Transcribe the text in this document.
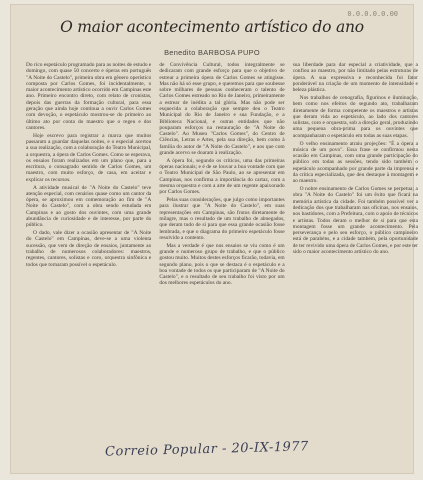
0.0.0.0.0.00
O maior acontecimento artístico do ano
Benedito BARBOSA PUPO

Do rico espetáculo programado para as noites de estudo e domingo, com quase 50 concerto e óperas em português "A Noite do Castelo", primeira obra em gênero operístico composta por Carlos Gomes, foi incidentalmente, o maior acontecimento artístico ocorrido em Campinas este ano. Primeiro encontro direto, com relato de cronistas, depois das guerras da formação cultural, para essa geração que ainda hoje continua a ouvir Carlos Gomes com devoção, o espetáculo mostrou-se do primeiro ao último ato por conta do maestro que o regeu e dos cantores.

Hoje escrevo para registrar a marca que muitos passaram a guardar daquelas noites, e o especial acertou a sua realização, com a colaboração do Teatro Municipal, a orquestra, a ópera de Carlos Gomes. Como se esperava, os ensaios foram realizados em um plano que, para a escritura, o consagrado sentido de Carlos Gomes, um maestro, com muito esforço, de casa, em aceitar e explicar os recursos.

A atividade musical de "A Noite do Castelo" teve atenção especial, com cenários quase como um cantor da ópera, se aproximou em comemoração ao fim de "A Noite do Castelo", com a obra sendo estudada em Campinas e ao gosto dos ouvintes, com uma grande abundância de curiosidade e de interesse, por parte do público.

O dado, vale dizer a ocasião apresentar de "A Noite do Castelo" em Campinas, deve-se a uma violenta sucessão, que vem de direção de ensaios, juntamente ao trabalho de numerosos colaboradores: maestros, regentes, cantores, solistas e coro, orquestra sinfônica e todos que tornaram possível o espetáculo.

de Convivência Cultural, todos integralmente se dedicaram com grande esforço para que o objetivo de estrear a primeira ópera de Carlos Gomes se atingisse. Mas não há só esse grupo, e queremos para que soubesse sobre milhares de pessoas conheceram o talento de Carlos Gomes estreado no Rio de Janeiro, primeiramente a estrear de inédita a tal glória. Mas não pode ser esquecida a colaboração que sempre deu o Teatro Municipal do Rio de Janeiro e sua Fundação, e a Biblioteca Nacional, e outras entidades que não pouparam esforços na restauração de "A Noite do Castelo". Ao Museu "Carlos Gomes", do Centro de Ciências, Letras e Artes, pela sua direção, bem como à família do autor de "A Noite do Castelo", e aos que com grande acervo se doaram à realização.

A ópera foi, segundo os críticos, uma das primeiras óperas nacionais; e é de se louvar a boa vontade com que o Teatro Municipal de São Paulo, ao se apresentar em Campinas, nos confirma a importância do cartaz, com a mesma orquestra e com a arte de um regente apaixonado por Carlos Gomes.

Pelas suas considerações, que julgo como importantes para ilustrar que "A Noite do Castelo", em suas representações em Campinas, são frutos diretamente de milagre, mas o resultado de um trabalho de abnegados, que deram tudo de si para que essa grande ocasião fosse lembrada, e que o diagrama do primeiro espetáculo fosse resolvido a contento.

Mas a verdade é que nos ensaios se viu como é um grande e numeroso grupo de trabalho, e que o público gostou muito. Muitos destes esforços ficarão, todavia, em segundo plano, pois o que se destaca é o espetáculo e a boa vontade de todos os que participaram de "A Noite do Castelo", e o resultado de seu trabalho foi visto por um dos melhores espetáculos do ano.

sua liberdade para dar especial a criatividade, que a confiou ao maestro, por não limitado pelas estruturas de ópera. A sua expressiva e reconhecida foi fator ponderável na criação de um momento de intensidade e beleza plástica.

Nos trabalhos de cenografia, figurinos e iluminação, bem como nos efeitos do segundo ato, trabalharam diretamente de forma competente os maestros e artistas que deram vida ao espetáculo, ao lado dos cantores solistas, coro e orquestra, sob a direção geral, produzindo uma pequena obra-prima para os ouvintes que acompanharam o espetáculo em todas as suas etapas.

O velho ensinamento atraiu projeções: "É a ópera a música de um povo". Essa frase se confirmou nesta ocasião em Campinas, com uma grande participação do público em todas as sessões, tendo sido também o espetáculo acompanhado por grande parte da imprensa e da crítica especializada, que deu destaque à montagem e ao maestro.

O nobre ensinamento de Carlos Gomes se perpetua; a obra "A Noite do Castelo" foi um êxito que ficará na memória artística da cidade. Foi também possível ver a dedicação dos que trabalharam nas oficinas, nos ensaios, nos bastidores, com a Prefeitura, com o apoio de técnicos e artistas. Todos deram o melhor de si para que esta montagem fosse um grande acontecimento. Pela perseverança e pelo seu esforço, o público campineiro está de parabéns, e a cidade também, pela oportunidade de ter revivido uma ópera de Carlos Gomes, e por este ter sido o maior acontecimento artístico do ano.

Correio Popular - 20-IX-1977
